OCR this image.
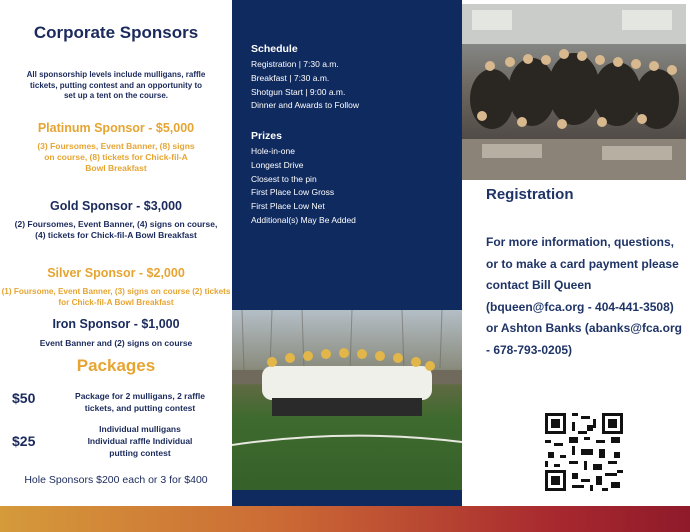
Corporate Sponsors
All sponsorship levels include mulligans, raffle tickets, putting contest and an opportunity to set up a tent on the course.
Platinum Sponsor - $5,000
(3) Foursomes, Event Banner, (8) signs on course, (8) tickets for Chick-fil-A Bowl Breakfast
Gold Sponsor - $3,000
(2) Foursomes, Event Banner, (4) signs on course, (4) tickets for Chick-fil-A Bowl Breakfast
Silver Sponsor - $2,000
(1) Foursome, Event Banner, (3) signs on course (2) tickets for Chick-fil-A Bowl Breakfast
Iron Sponsor - $1,000
Event Banner and (2) signs on course
Packages
$50	Package for 2 mulligans, 2 raffle tickets, and putting contest
$25
Individual mulligans Individual raffle Individual putting contest
Hole Sponsors $200 each or 3 for $400
Schedule
Registration | 7:30 a.m.
Breakfast | 7:30 a.m.
Shotgun Start | 9:00 a.m.
Dinner and Awards to Follow
Prizes
Hole-in-one
Longest Drive
Closest to the pin
First Place Low Gross
First Place Low Net
Additional(s) May Be Added
Registration
For more information, questions, or to make a card payment please contact Bill Queen (bqueen@fca.org - 404-441-3508) or Ashton Banks (abanks@fca.org - 678-793-0205)
